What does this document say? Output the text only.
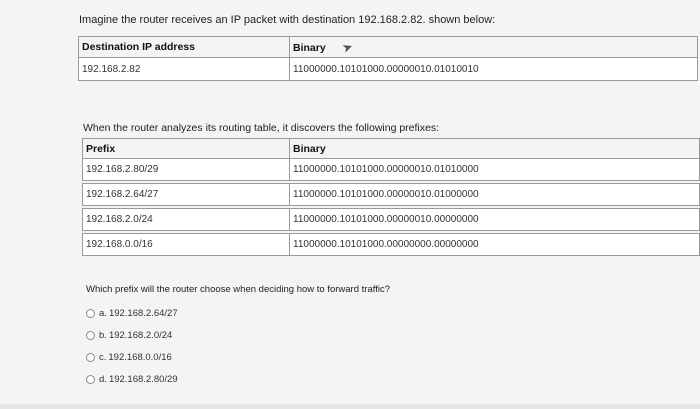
Imagine the router receives an IP packet with destination 192.168.2.82. shown below:
Destination IP address	Binary ➤
192.168.2.82	11000000.10101000.00000010.01010010
When the router analyzes its routing table, it discovers the following prefixes:
Prefix	Binary
192.168.2.80/29	11000000.10101000.00000010.01010000

192.168.2.64/27	11000000.10101000.00000010.01000000

192.168.2.0/24	11000000.10101000.00000010.00000000

192.168.0.0/16	11000000.10101000.00000000.00000000
Which prefix will the router choose when deciding how to forward traffic?
a. 192.168.2.64/27
b. 192.168.2.0/24
c. 192.168.0.0/16
d. 192.168.2.80/29
